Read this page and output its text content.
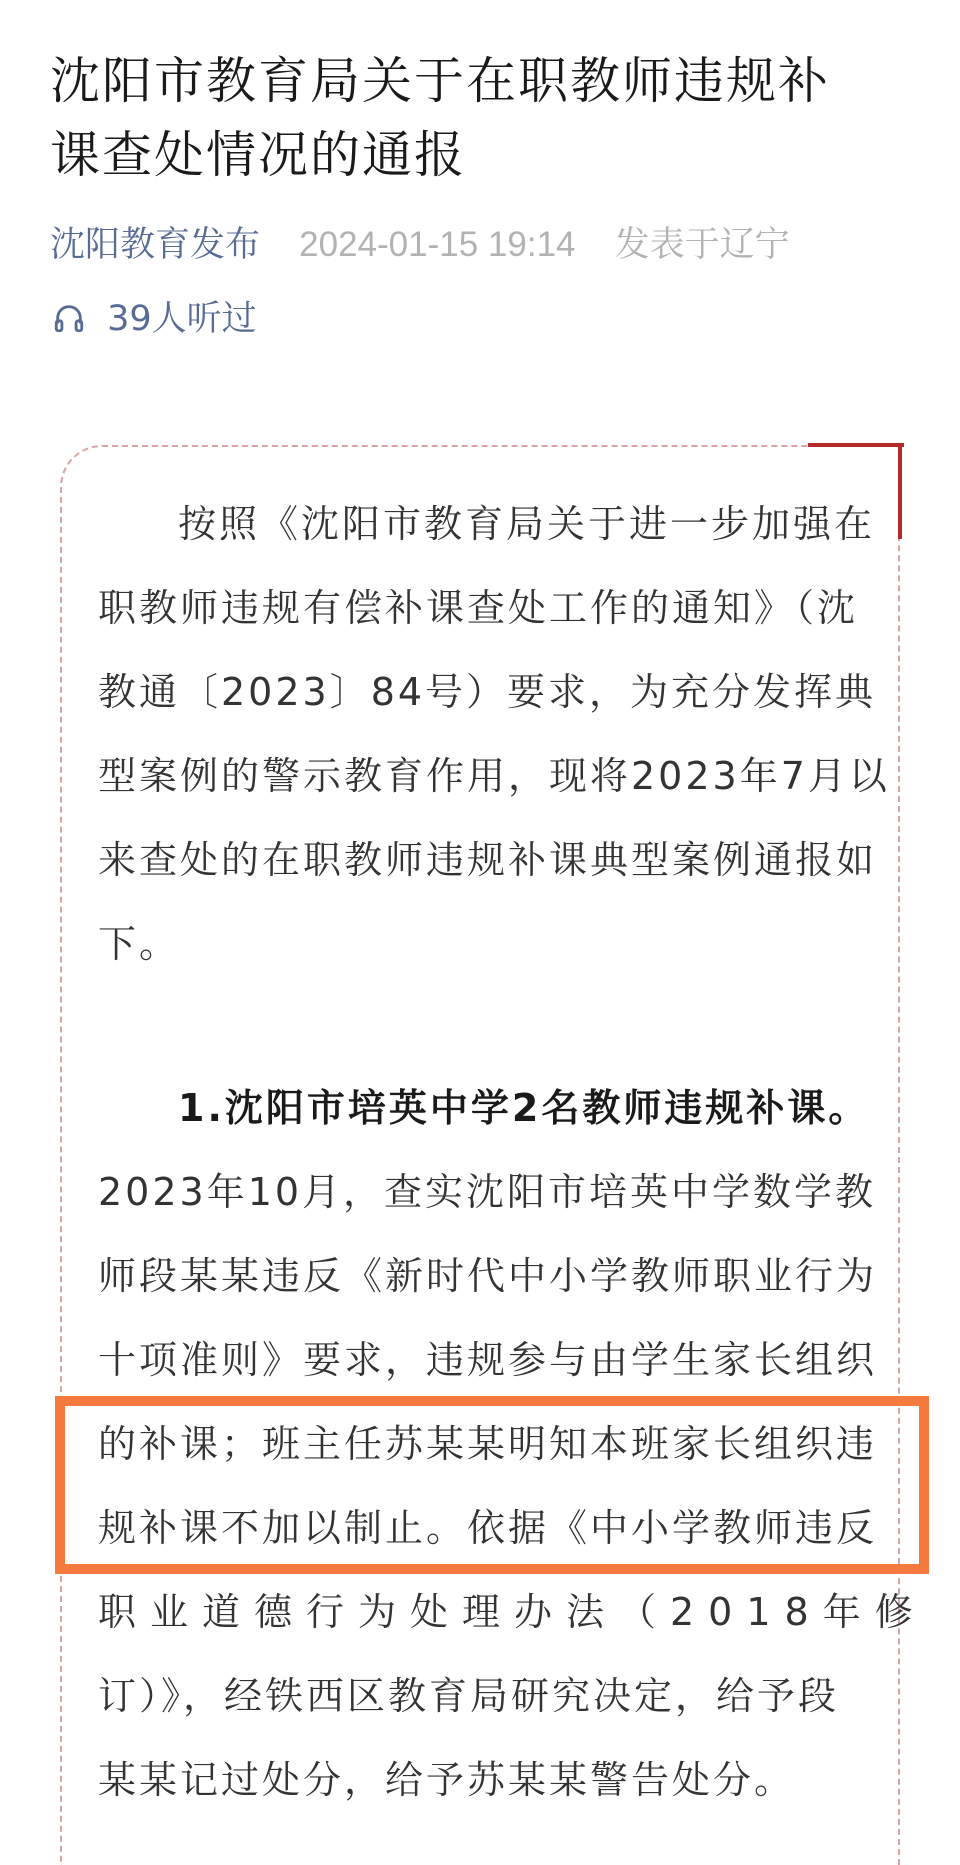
沈阳市教育局关于在职教师违规补
课查处情况的通报
沈阳教育发布 2024-01-15 19:14 发表于辽宁
39人听过
按照《沈阳市教育局关于进一步加强在
职教师违规有偿补课查处工作的通知》（沈
教通〔2023〕84号）要求，为充分发挥典
型案例的警示教育作用，现将2023年7月以
来查处的在职教师违规补课典型案例通报如
下。

1.沈阳市培英中学2名教师违规补课。

2023年10月，查实沈阳市培英中学数学教
师段某某违反《新时代中小学教师职业行为
十项准则》要求，违规参与由学生家长组织
的补课；班主任苏某某明知本班家长组织违
规补课不加以制止。依据《中小学教师违反
职业道德行为处理办法（2018年修
订）》，经铁西区教育局研究决定，给予段
某某记过处分，给予苏某某警告处分。
